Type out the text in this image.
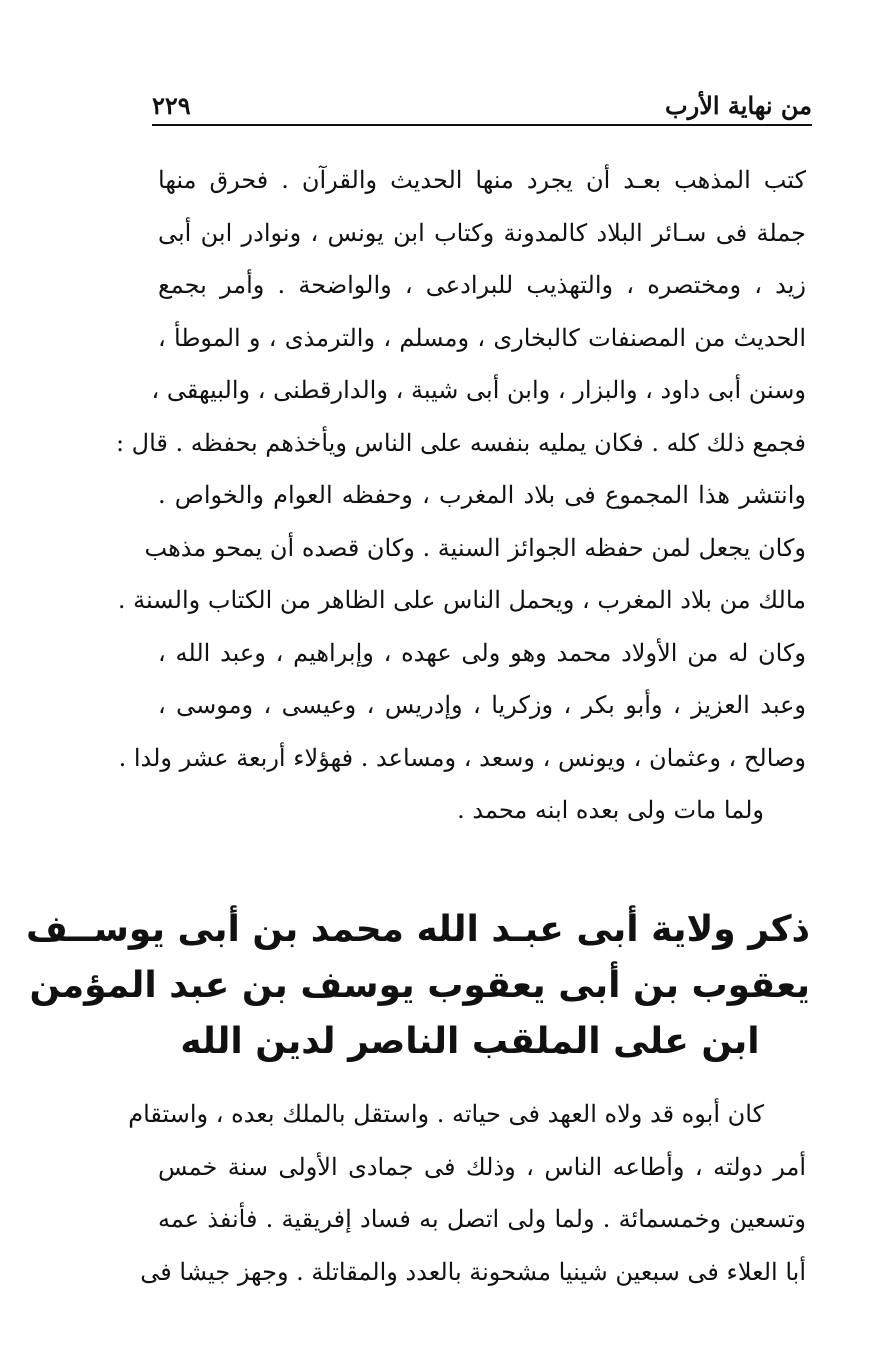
من نهاية الأرب
٢٢٩
كتب المذهب بعـد أن يجرد منها الحديث والقرآن . فحرق منها
جملة فى سـائر البلاد كالمدونة وكتاب ابن يونس ، ونوادر ابن أبى
زيد ، ومختصره ، والتهذيب للبرادعى ، والواضحة . وأمر بجمع
الحديث من المصنفات كالبخارى ، ومسلم ، والترمذى ، و الموطأ ،
وسنن أبى داود ، والبزار ، وابن أبى شيبة ، والدارقطنى ، والبيهقى ،
فجمع ذلك كله . فكان يمليه بنفسه على الناس ويأخذهم بحفظه . قال :
وانتشر هذا المجموع فى بلاد المغرب ، وحفظه العوام والخواص .
وكان يجعل لمن حفظه الجوائز السنية . وكان قصده أن يمحو مذهب
مالك من بلاد المغرب ، ويحمل الناس على الظاهر من الكتاب والسنة .
وكان له من الأولاد محمد وهو ولى عهده ، وإبراهيم ، وعبد الله ،
وعبد العزيز ، وأبو بكر ، وزكريا ، وإدريس ، وعيسى ، وموسى ،
وصالح ، وعثمان ، ويونس ، وسعد ، ومساعد . فهؤلاء أربعة عشر ولدا .
ولما مات ولى بعده ابنه محمد .
ذكر ولاية أبى عبـد الله محمد بن أبى يوســف
يعقوب بن أبى يعقوب يوسف بن عبد المؤمن
ابن على الملقب الناصر لدين الله
كان أبوه قد ولاه العهد فى حياته . واستقل بالملك بعده ، واستقام
أمر دولته ، وأطاعه الناس ، وذلك فى جمادى الأولى سنة خمس
وتسعين وخمسمائة . ولما ولى اتصل به فساد إفريقية . فأنفذ عمه
أبا العلاء فى سبعين شينيا مشحونة بالعدد والمقاتلة . وجهز جيشا فى
